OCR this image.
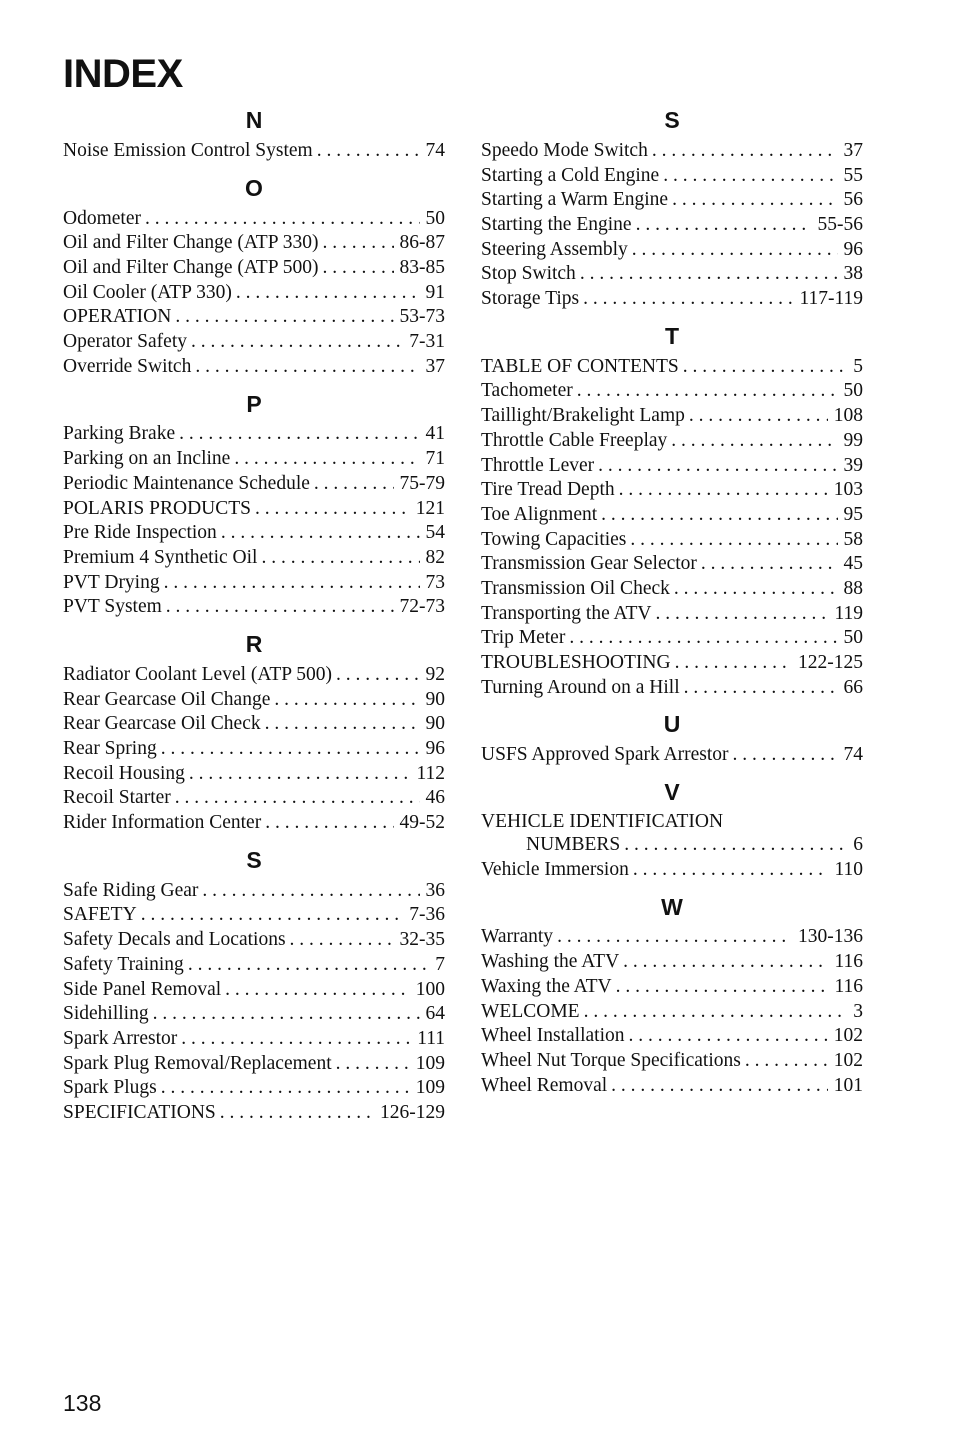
INDEX
N
Noise Emission Control System . . .	74
O
Odometer . . .	50
Oil and Filter Change (ATP 330) . . .	86-87
Oil and Filter Change (ATP 500) . . .	83-85
Oil Cooler (ATP 330) . . .	91
OPERATION . . .	53-73
Operator Safety . . .	7-31
Override Switch . . .	37
P
Parking Brake . . .	41
Parking on an Incline . . .	71
Periodic Maintenance Schedule . . .	75-79
POLARIS PRODUCTS . . .	121
Pre Ride Inspection . . .	54
Premium 4 Synthetic Oil . . .	82
PVT Drying . . .	73
PVT System . . .	72-73
R
Radiator Coolant Level (ATP 500) . . .	92
Rear Gearcase Oil Change . . .	90
Rear Gearcase Oil Check . . .	90
Rear Spring . . .	96
Recoil Housing . . .	112
Recoil Starter . . .	46
Rider Information Center . . .	49-52
S
Safe Riding Gear . . .	36
SAFETY . . .	7-36
Safety Decals and Locations . . .	32-35
Safety Training . . .	7
Side Panel Removal . . .	100
Sidehilling . . .	64
Spark Arrestor . . .	111
Spark Plug Removal/Replacement . . .	109
Spark Plugs . . .	109
SPECIFICATIONS . . .	126-129
S
Speedo Mode Switch . . .	37
Starting a Cold Engine . . .	55
Starting a Warm Engine . . .	56
Starting the Engine . . .	55-56
Steering Assembly . . .	96
Stop Switch . . .	38
Storage Tips . . .	117-119
T
TABLE OF CONTENTS . . .	5
Tachometer . . .	50
Taillight/Brakelight Lamp . . .	108
Throttle Cable Freeplay . . .	99
Throttle Lever . . .	39
Tire Tread Depth . . .	103
Toe Alignment . . .	95
Towing Capacities . . .	58
Transmission Gear Selector . . .	45
Transmission Oil Check . . .	88
Transporting the ATV . . .	119
Trip Meter . . .	50
TROUBLESHOOTING . . .	122-125
Turning Around on a Hill . . .	66
U
USFS Approved Spark Arrestor . . .	74
V
VEHICLE IDENTIFICATION
NUMBERS . . .	6
Vehicle Immersion . . .	110
W
Warranty . . .	130-136
Washing the ATV . . .	116
Waxing the ATV . . .	116
WELCOME . . .	3
Wheel Installation . . .	102
Wheel Nut Torque Specifications . . .	102
Wheel Removal . . .	101
138
